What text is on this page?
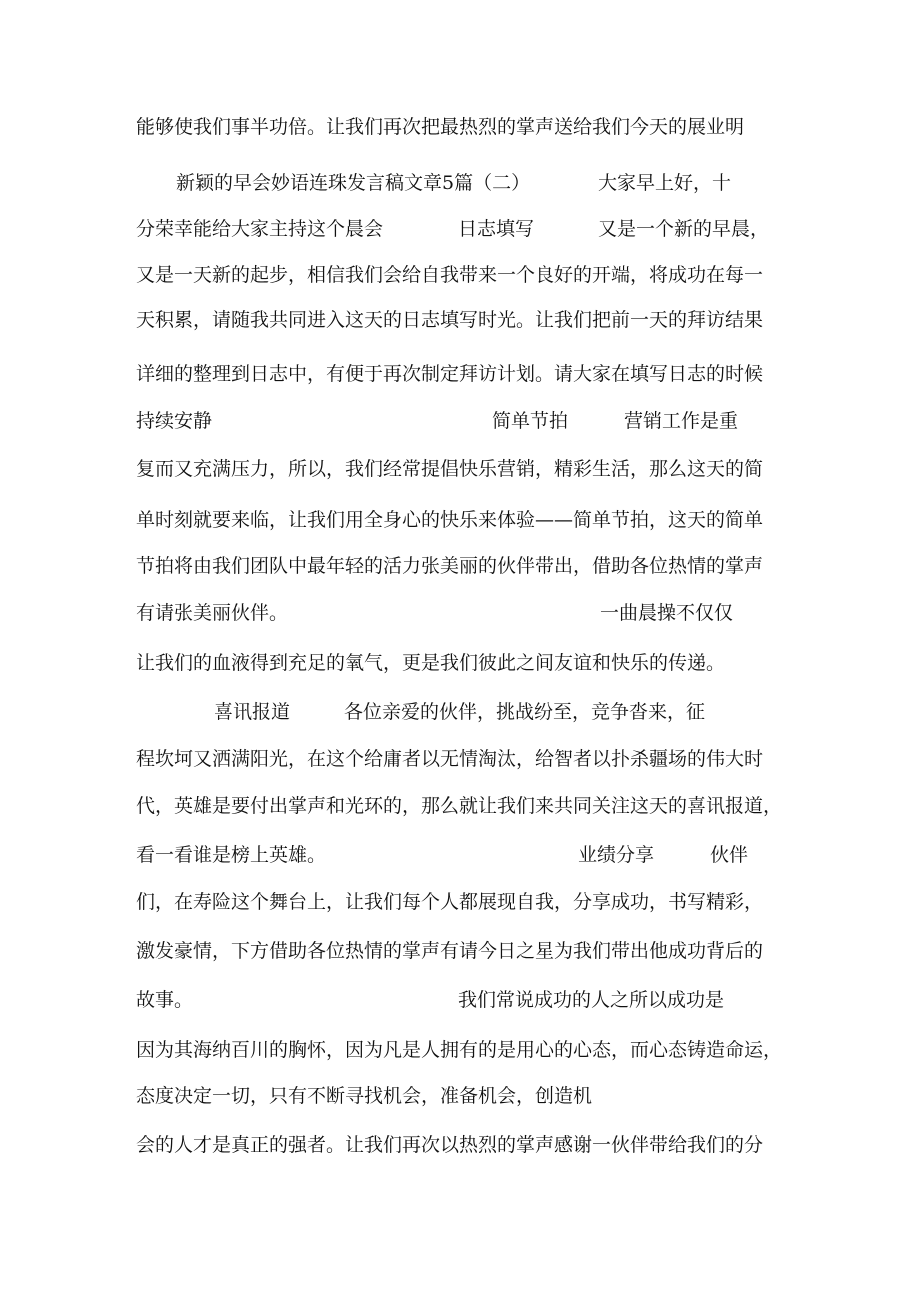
能够使我们事半功倍。让我们再次把最热烈的掌声送给我们今天的展业明
新颖的早会妙语连珠发言稿文章5篇（二）	大家早上好，十
分荣幸能给大家主持这个晨会	日志填写	又是一个新的早晨，
又是一天新的起步，相信我们会给自我带来一个良好的开端，将成功在每一
天积累，请随我共同进入这天的日志填写时光。让我们把前一天的拜访结果
详细的整理到日志中，有便于再次制定拜访计划。请大家在填写日志的时候
持续安静	简单节拍	营销工作是重
复而又充满压力，所以，我们经常提倡快乐营销，精彩生活，那么这天的简
单时刻就要来临，让我们用全身心的快乐来体验——简单节拍，这天的简单
节拍将由我们团队中最年轻的活力张美丽的伙伴带出，借助各位热情的掌声
有请张美丽伙伴。	一曲晨操不仅仅
让我们的血液得到充足的氧气，更是我们彼此之间友谊和快乐的传递。
喜讯报道	各位亲爱的伙伴，挑战纷至，竞争沓来，征
程坎坷又洒满阳光，在这个给庸者以无情淘汰，给智者以扑杀疆场的伟大时
代，英雄是要付出掌声和光环的，那么就让我们来共同关注这天的喜讯报道，
看一看谁是榜上英雄。	业绩分享	伙伴
们，在寿险这个舞台上，让我们每个人都展现自我，分享成功，书写精彩，
激发豪情，下方借助各位热情的掌声有请今日之星为我们带出他成功背后的
故事。	我们常说成功的人之所以成功是
因为其海纳百川的胸怀，因为凡是人拥有的是用心的心态，而心态铸造命运，
态度决定一切，只有不断寻找机会，准备机会，创造机
会的人才是真正的强者。让我们再次以热烈的掌声感谢一伙伴带给我们的分
